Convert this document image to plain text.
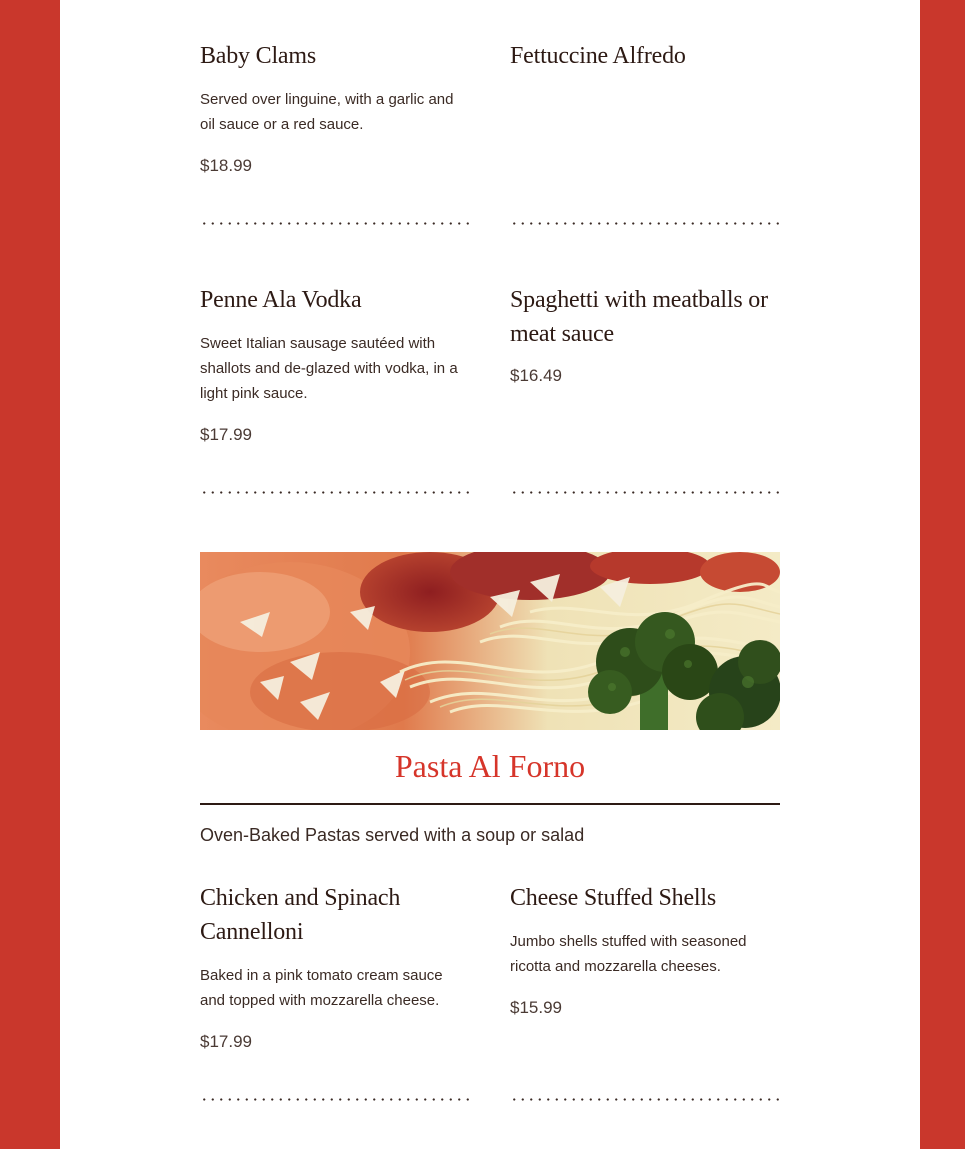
Baby Clams

Served over linguine, with a garlic and oil sauce or a red sauce.

$18.99

Fettuccine Alfredo
Penne Ala Vodka

Sweet Italian sausage sautéed with shallots and de-glazed with vodka, in a light pink sauce.

$17.99

Spaghetti with meatballs or meat sauce

$16.49

Pasta Al Forno

Oven-Baked Pastas served with a soup or salad

Chicken and Spinach Cannelloni

Baked in a pink tomato cream sauce and topped with mozzarella cheese.

$17.99

Cheese Stuffed Shells

Jumbo shells stuffed with seasoned ricotta and mozzarella cheeses.

$15.99
